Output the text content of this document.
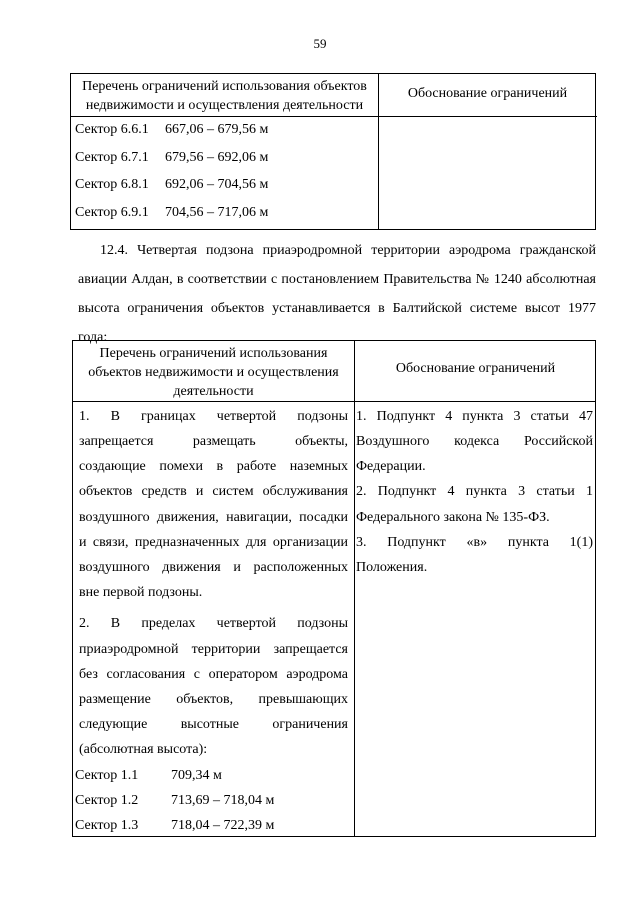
59
Перечень ограничений использования объектов
недвижимости и осуществления деятельности
Обоснование ограничений
Сектор 6.6.1 667,06 – 679,56 м
Сектор 6.7.1 679,56 – 692,06 м
Сектор 6.8.1 692,06 – 704,56 м
Сектор 6.9.1 704,56 – 717,06 м
12.4. Четвертая подзона приаэродромной территории аэродрома гражданской
авиации Алдан, в соответствии с постановлением Правительства № 1240 абсолютная
высота ограничения объектов устанавливается в Балтийской системе высот 1977
года:
Перечень ограничений использования
объектов недвижимости и осуществления
деятельности
Обоснование ограничений
1. В границах четвертой подзоны
запрещается размещать объекты,
создающие помехи в работе наземных
объектов средств и систем обслуживания
воздушного движения, навигации, посадки
и связи, предназначенных для организации
воздушного движения и расположенных
вне первой подзоны.
2. В пределах четвертой подзоны
приаэродромной территории запрещается
без согласования с оператором аэродрома
размещение объектов, превышающих
следующие высотные ограничения
(абсолютная высота):
Сектор 1.1 709,34 м
Сектор 1.2 713,69 – 718,04 м
Сектор 1.3 718,04 – 722,39 м
1. Подпункт 4 пункта 3 статьи 47
Воздушного кодекса Российской
Федерации.
2. Подпункт 4 пункта 3 статьи 1
Федерального закона № 135-ФЗ.
3. Подпункт «в» пункта 1(1)
Положения.
